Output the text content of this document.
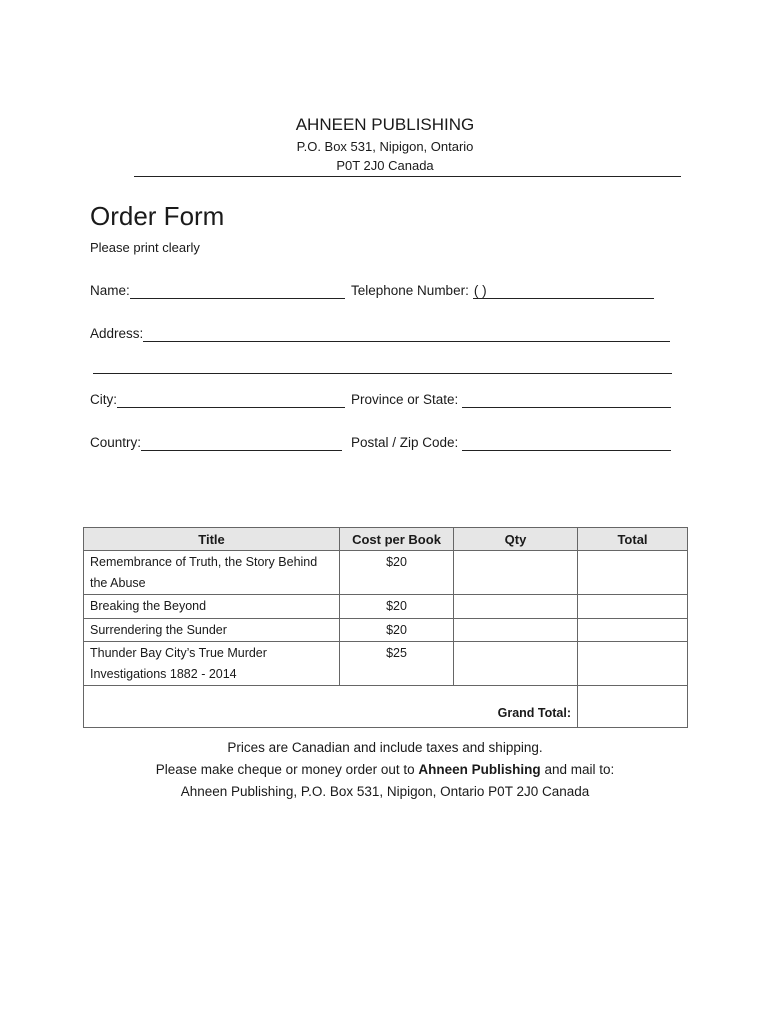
AHNEEN PUBLISHING
P.O. Box 531, Nipigon, Ontario
P0T 2J0 Canada
Order Form
Please print clearly
Name:	Telephone Number: ( )
Address:
City:	Province or State:
Country:	Postal / Zip Code:
Title	Cost per Book	Qty	Total
Remembrance of Truth, the Story Behind the Abuse	$20		
Breaking the Beyond	$20		
Surrendering the Sunder	$20		
Thunder Bay City’s True Murder Investigations 1882 - 2014	$25		
Grand Total:			
Prices are Canadian and include taxes and shipping.
Please make cheque or money order out to Ahneen Publishing and mail to:
Ahneen Publishing, P.O. Box 531, Nipigon, Ontario P0T 2J0 Canada
